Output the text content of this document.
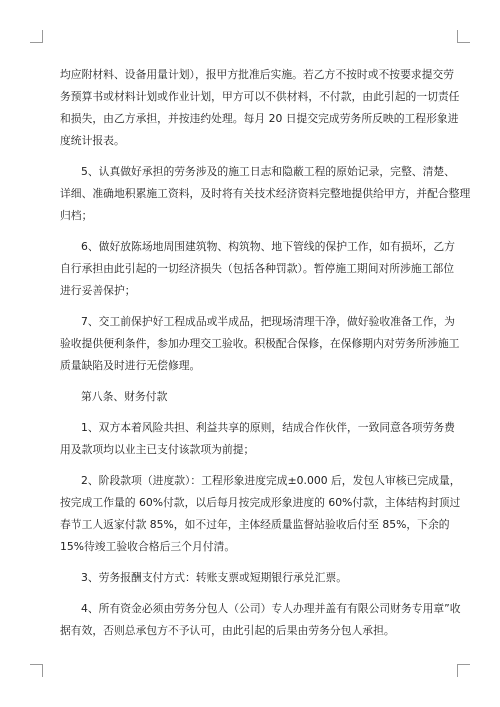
均应附材料、设备用量计划），报甲方批准后实施。若乙方不按时或不按要求提交劳
务预算书或材料计划或作业计划，甲方可以不供材料，不付款，由此引起的一切责任
和损失，由乙方承担，并按违约处理。每月 20 日提交完成劳务所反映的工程形象进
度统计报表。
5、认真做好承担的劳务涉及的施工日志和隐蔽工程的原始记录，完整、清楚、
详细、准确地积累施工资料，及时将有关技术经济资料完整地提供给甲方，并配合整理
归档；
6、做好放陈场地周围建筑物、构筑物、地下管线的保护工作，如有损坏，乙方
自行承担由此引起的一切经济损失（包括各种罚款）。暂停施工期间对所涉施工部位
进行妥善保护；
7、交工前保护好工程成品或半成品，把现场清理干净，做好验收准备工作，为
验收提供便利条件，参加办理交工验收。积极配合保修，在保修期内对劳务所涉施工
质量缺陷及时进行无偿修理。
第八条、财务付款
1、双方本着风险共担、利益共享的原则，结成合作伙伴，一致同意各项劳务费
用及款项均以业主已支付该款项为前提；
2、阶段款项（进度款）：工程形象进度完成±0.000 后，发包人审核已完成量，
按完成工作量的 60%付款，以后每月按完成形象进度的 60%付款，主体结构封顶过
春节工人返家付款 85%，如不过年，主体经质量监督站验收后付至 85%，下余的
15%待竣工验收合格后三个月付清。
3、劳务报酬支付方式：转账支票或短期银行承兑汇票。
4、所有资金必须由劳务分包人（公司）专人办理并盖有有限公司财务专用章”收
据有效，否则总承包方不予认可，由此引起的后果由劳务分包人承担。
